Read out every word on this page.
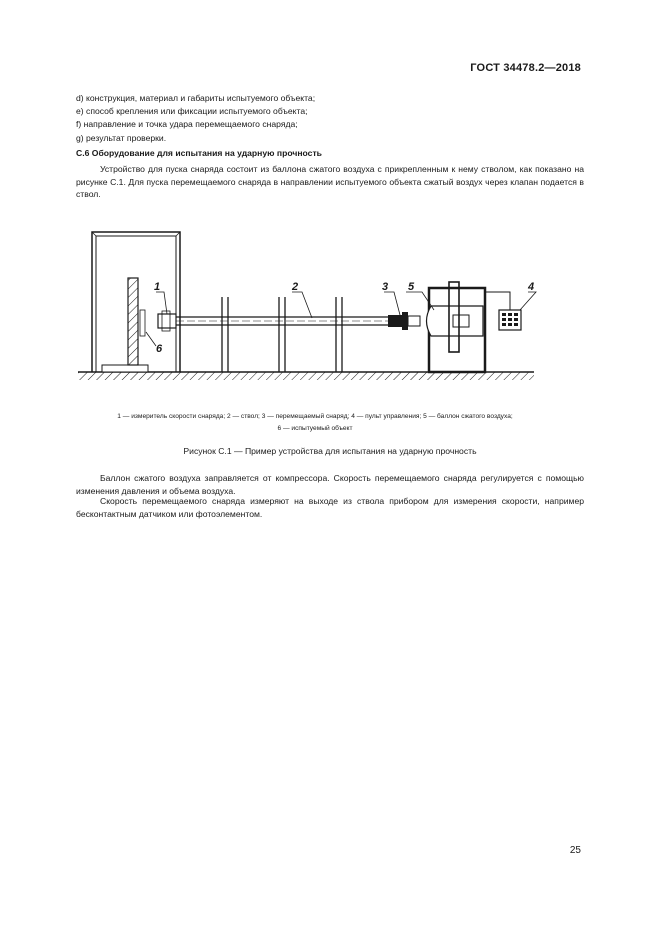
ГОСТ 34478.2—2018
d) конструкция, материал и габариты испытуемого объекта;
e) способ крепления или фиксации испытуемого объекта;
f) направление и точка удара перемещаемого снаряда;
g) результат проверки.
С.6 Оборудование для испытания на ударную прочность
Устройство для пуска снаряда состоит из баллона сжатого воздуха с прикрепленным к нему стволом, как показано на рисунке С.1. Для пуска перемещаемого снаряда в направлении испытуемого объекта сжатый воздух через клапан подается в ствол.
1	2	3 5	4
6
1 — измеритель скорости снаряда; 2 — ствол; 3 — перемещаемый снаряд; 4 — пульт управления; 5 — баллон сжатого воздуха;
6 — испытуемый объект
Рисунок С.1 — Пример устройства для испытания на ударную прочность
Баллон сжатого воздуха заправляется от компрессора. Скорость перемещаемого снаряда регулируется с помощью изменения давления и объема воздуха.
Скорость перемещаемого снаряда измеряют на выходе из ствола прибором для измерения скорости, например бесконтактным датчиком или фотоэлементом.
25
